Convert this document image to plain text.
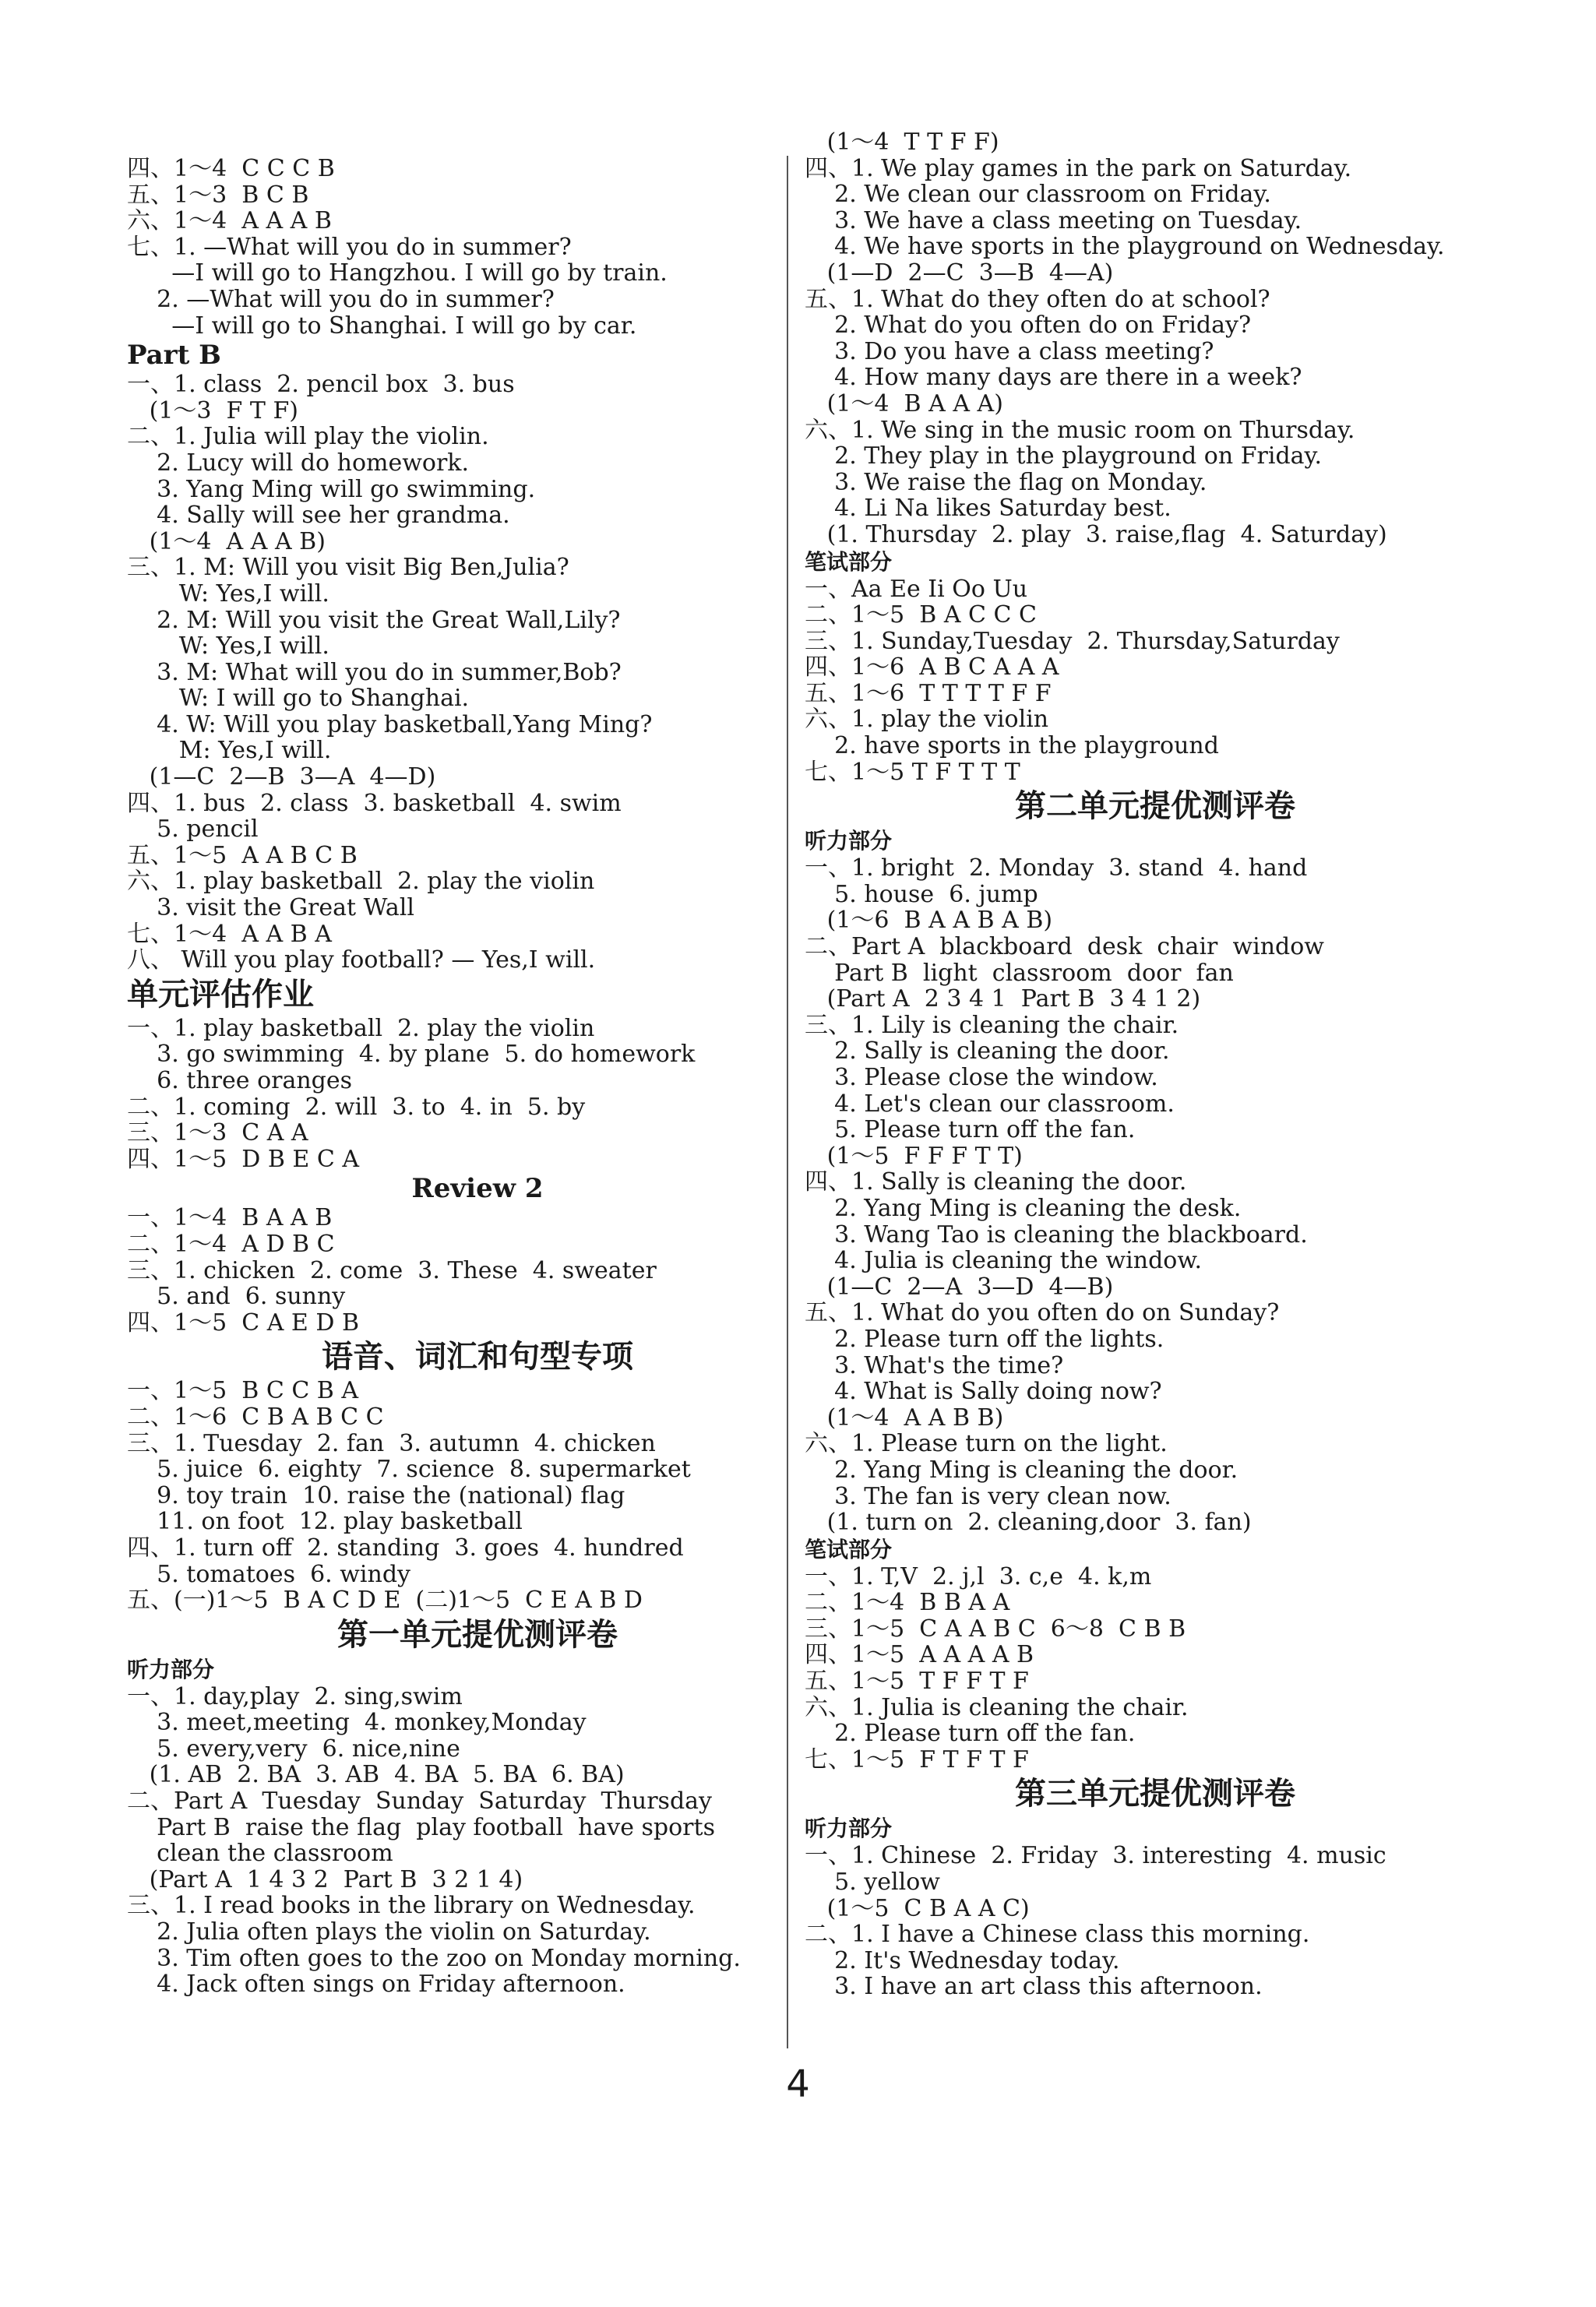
四、1～4  C C C B
五、1～3  B C B
六、1～4  A A A B
七、1. —What will you do in summer?
—I will go to Hangzhou. I will go by train.
2. —What will you do in summer?
—I will go to Shanghai. I will go by car.
Part B
一、1. class  2. pencil box  3. bus
(1～3  F T F)
二、1. Julia will play the violin.
2. Lucy will do homework.
3. Yang Ming will go swimming.
4. Sally will see her grandma.
(1～4  A A A B)
三、1. M: Will you visit Big Ben,Julia?
W: Yes,I will.
2. M: Will you visit the Great Wall,Lily?
W: Yes,I will.
3. M: What will you do in summer,Bob?
W: I will go to Shanghai.
4. W: Will you play basketball,Yang Ming?
M: Yes,I will.
(1—C  2—B  3—A  4—D)
四、1. bus  2. class  3. basketball  4. swim
5. pencil
五、1～5  A A B C B
六、1. play basketball  2. play the violin
3. visit the Great Wall
七、1～4  A A B A
八、 Will you play football? — Yes,I will.
单元评估作业
一、1. play basketball  2. play the violin
3. go swimming  4. by plane  5. do homework
6. three oranges
二、1. coming  2. will  3. to  4. in  5. by
三、1～3  C A A
四、1～5  D B E C A
Review 2
一、1～4  B A A B
二、1～4  A D B C
三、1. chicken  2. come  3. These  4. sweater
5. and  6. sunny
四、1～5  C A E D B
语音、词汇和句型专项
一、1～5  B C C B A
二、1～6  C B A B C C
三、1. Tuesday  2. fan  3. autumn  4. chicken
5. juice  6. eighty  7. science  8. supermarket
9. toy train  10. raise the (national) flag
11. on foot  12. play basketball
四、1. turn off  2. standing  3. goes  4. hundred
5. tomatoes  6. windy
五、(一)1～5  B A C D E  (二)1～5  C E A B D
第一单元提优测评卷
听力部分
一、1. day,play  2. sing,swim
3. meet,meeting  4. monkey,Monday
5. every,very  6. nice,nine
(1. AB  2. BA  3. AB  4. BA  5. BA  6. BA)
二、Part A  Tuesday  Sunday  Saturday  Thursday
Part B  raise the flag  play football  have sports
clean the classroom
(Part A  1 4 3 2  Part B  3 2 1 4)
三、1. I read books in the library on Wednesday.
2. Julia often plays the violin on Saturday.
3. Tim often goes to the zoo on Monday morning.
4. Jack often sings on Friday afternoon.
(1～4  T T F F)
四、1. We play games in the park on Saturday.
2. We clean our classroom on Friday.
3. We have a class meeting on Tuesday.
4. We have sports in the playground on Wednesday.
(1—D  2—C  3—B  4—A)
五、1. What do they often do at school?
2. What do you often do on Friday?
3. Do you have a class meeting?
4. How many days are there in a week?
(1～4  B A A A)
六、1. We sing in the music room on Thursday.
2. They play in the playground on Friday.
3. We raise the flag on Monday.
4. Li Na likes Saturday best.
(1. Thursday  2. play  3. raise,flag  4. Saturday)
笔试部分
一、Aa Ee Ii Oo Uu
二、1～5  B A C C C
三、1. Sunday,Tuesday  2. Thursday,Saturday
四、1～6  A B C A A A
五、1～6  T T T T F F
六、1. play the violin
2. have sports in the playground
七、1～5 T F T T T
第二单元提优测评卷
听力部分
一、1. bright  2. Monday  3. stand  4. hand
5. house  6. jump
(1～6  B A A B A B)
二、Part A  blackboard  desk  chair  window
Part B  light  classroom  door  fan
(Part A  2 3 4 1  Part B  3 4 1 2)
三、1. Lily is cleaning the chair.
2. Sally is cleaning the door.
3. Please close the window.
4. Let's clean our classroom.
5. Please turn off the fan.
(1～5  F F F T T)
四、1. Sally is cleaning the door.
2. Yang Ming is cleaning the desk.
3. Wang Tao is cleaning the blackboard.
4. Julia is cleaning the window.
(1—C  2—A  3—D  4—B)
五、1. What do you often do on Sunday?
2. Please turn off the lights.
3. What's the time?
4. What is Sally doing now?
(1～4  A A B B)
六、1. Please turn on the light.
2. Yang Ming is cleaning the door.
3. The fan is very clean now.
(1. turn on  2. cleaning,door  3. fan)
笔试部分
一、1. T,V  2. j,l  3. c,e  4. k,m
二、1～4  B B A A
三、1～5  C A A B C  6～8  C B B
四、1～5  A A A A B
五、1～5  T F F T F
六、1. Julia is cleaning the chair.
2. Please turn off the fan.
七、1～5  F T F T F
第三单元提优测评卷
听力部分
一、1. Chinese  2. Friday  3. interesting  4. music
5. yellow
(1～5  C B A A C)
二、1. I have a Chinese class this morning.
2. It's Wednesday today.
3. I have an art class this afternoon.
4
